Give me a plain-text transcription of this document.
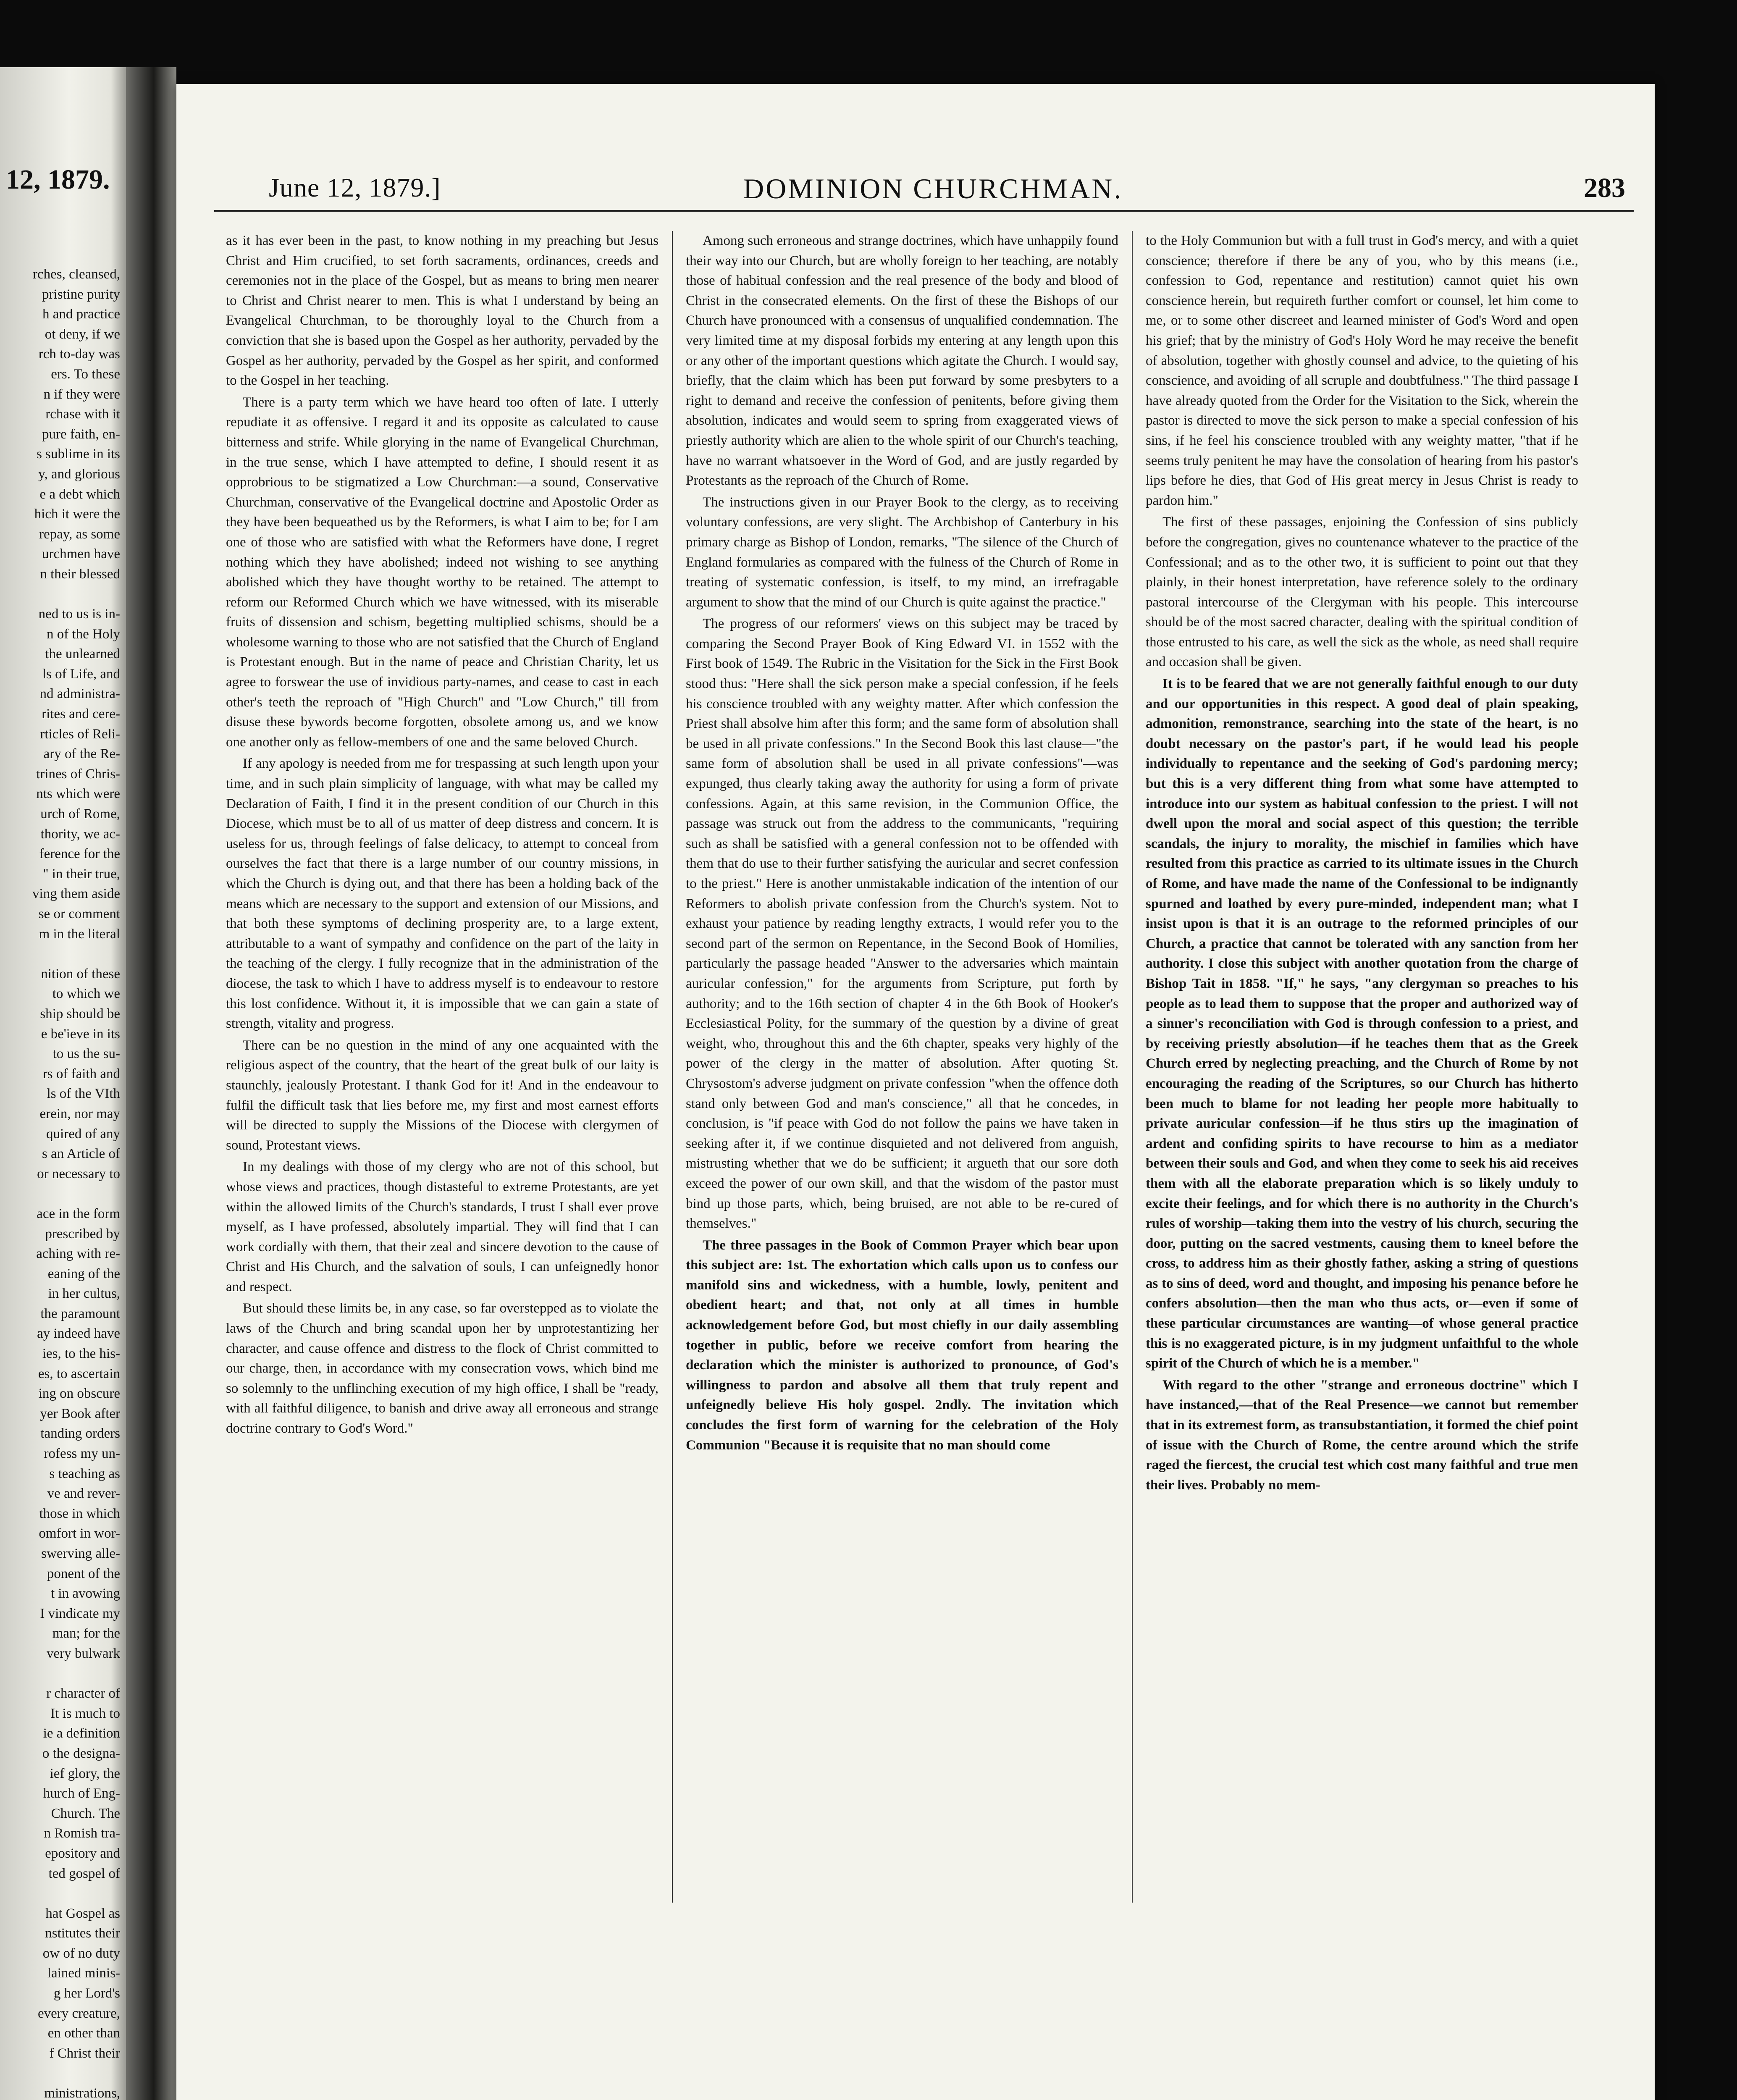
12, 1879.
rches, cleansed,
pristine purity
h and practice
ot deny, if we
rch to-day was
ers. To these
n if they were
rchase with it
pure faith, en-
s sublime in its
y, and glorious
e a debt which
hich it were the
repay, as some
urchmen have
n their blessed
ned to us is in-
n of the Holy
the unlearned
ls of Life, and
nd administra-
rites and cere-
rticles of Reli-
ary of the Re-
trines of Chris-
nts which were
urch of Rome,
thority, we ac-
ference for the
" in their true,
ving them aside
se or comment
m in the literal
nition of these
to which we
ship should be
e be'ieve in its
to us the su-
rs of faith and
ls of the VIth
erein, nor may
quired of any
s an Article of
or necessary to
ace in the form
prescribed by
aching with re-
eaning of the
in her cultus,
the paramount
ay indeed have
ies, to the his-
es, to ascertain
ing on obscure
yer Book after
tanding orders
rofess my un-
s teaching as
ve and rever-
those in which
omfort in wor-
swerving alle-
ponent of the
t in avowing
I vindicate my
man; for the
very bulwark
r character of
It is much to
ie a definition
o the designa-
ief glory, the
hurch of Eng-
Church. The
n Romish tra-
epository and
ted gospel of
hat Gospel as
nstitutes their
ow of no duty
lained minis-
g her Lord's
every creature,
en other than
f Christ their
ministrations,
June 12, 1879.]	DOMINION CHURCHMAN.	283

as it has ever been in the past, to know nothing in my preaching but Jesus Christ and Him crucified, to set forth sacraments, ordinances, creeds and ceremonies not in the place of the Gospel, but as means to bring men nearer to Christ and Christ nearer to men. This is what I understand by being an Evangelical Churchman, to be thoroughly loyal to the Church from a conviction that she is based upon the Gospel as her authority, pervaded by the Gospel as her authority, pervaded by the Gospel as her spirit, and conformed to the Gospel in her teaching.

There is a party term which we have heard too often of late. I utterly repudiate it as offensive. I regard it and its opposite as calculated to cause bitterness and strife. While glorying in the name of Evangelical Churchman, in the true sense, which I have attempted to define, I should resent it as opprobrious to be stigmatized a Low Churchman:—a sound, Conservative Churchman, conservative of the Evangelical doctrine and Apostolic Order as they have been bequeathed us by the Reformers, is what I aim to be; for I am one of those who are satisfied with what the Reformers have done, I regret nothing which they have abolished; indeed not wishing to see anything abolished which they have thought worthy to be retained. The attempt to reform our Reformed Church which we have witnessed, with its miserable fruits of dissension and schism, begetting multiplied schisms, should be a wholesome warning to those who are not satisfied that the Church of England is Protestant enough. But in the name of peace and Christian Charity, let us agree to forswear the use of invidious party-names, and cease to cast in each other's teeth the reproach of "High Church" and "Low Church," till from disuse these bywords become forgotten, obsolete among us, and we know one another only as fellow-members of one and the same beloved Church.

If any apology is needed from me for trespassing at such length upon your time, and in such plain simplicity of language, with what may be called my Declaration of Faith, I find it in the present condition of our Church in this Diocese, which must be to all of us matter of deep distress and concern. It is useless for us, through feelings of false delicacy, to attempt to conceal from ourselves the fact that there is a large number of our country missions, in which the Church is dying out, and that there has been a holding back of the means which are necessary to the support and extension of our Missions, and that both these symptoms of declining prosperity are, to a large extent, attributable to a want of sympathy and confidence on the part of the laity in the teaching of the clergy. I fully recognize that in the administration of the diocese, the task to which I have to address myself is to endeavour to restore this lost confidence. Without it, it is impossible that we can gain a state of strength, vitality and progress.

There can be no question in the mind of any one acquainted with the religious aspect of the country, that the heart of the great bulk of our laity is staunchly, jealously Protestant. I thank God for it! And in the endeavour to fulfil the difficult task that lies before me, my first and most earnest efforts will be directed to supply the Missions of the Diocese with clergymen of sound, Protestant views.

In my dealings with those of my clergy who are not of this school, but whose views and practices, though distasteful to extreme Protestants, are yet within the allowed limits of the Church's standards, I trust I shall ever prove myself, as I have professed, absolutely impartial. They will find that I can work cordially with them, that their zeal and sincere devotion to the cause of Christ and His Church, and the salvation of souls, I can unfeignedly honor and respect.

But should these limits be, in any case, so far overstepped as to violate the laws of the Church and bring scandal upon her by unprotestantizing her character, and cause offence and distress to the flock of Christ committed to our charge, then, in accordance with my consecration vows, which bind me so solemnly to the unflinching execution of my high office, I shall be "ready, with all faithful diligence, to banish and drive away all erroneous and strange doctrine contrary to God's Word."

Among such erroneous and strange doctrines, which have unhappily found their way into our Church, but are wholly foreign to her teaching, are notably those of habitual confession and the real presence of the body and blood of Christ in the consecrated elements. On the first of these the Bishops of our Church have pronounced with a consensus of unqualified condemnation. The very limited time at my disposal forbids my entering at any length upon this or any other of the important questions which agitate the Church. I would say, briefly, that the claim which has been put forward by some presbyters to a right to demand and receive the confession of penitents, before giving them absolution, indicates and would seem to spring from exaggerated views of priestly authority which are alien to the whole spirit of our Church's teaching, have no warrant whatsoever in the Word of God, and are justly regarded by Protestants as the reproach of the Church of Rome.

The instructions given in our Prayer Book to the clergy, as to receiving voluntary confessions, are very slight. The Archbishop of Canterbury in his primary charge as Bishop of London, remarks, "The silence of the Church of England formularies as compared with the fulness of the Church of Rome in treating of systematic confession, is itself, to my mind, an irrefragable argument to show that the mind of our Church is quite against the practice."

The progress of our reformers' views on this subject may be traced by comparing the Second Prayer Book of King Edward VI. in 1552 with the First book of 1549. The Rubric in the Visitation for the Sick in the First Book stood thus: "Here shall the sick person make a special confession, if he feels his conscience troubled with any weighty matter. After which confession the Priest shall absolve him after this form; and the same form of absolution shall be used in all private confessions." In the Second Book this last clause—"the same form of absolution shall be used in all private confessions"—was expunged, thus clearly taking away the authority for using a form of private confessions. Again, at this same revision, in the Communion Office, the passage was struck out from the address to the communicants, "requiring such as shall be satisfied with a general confession not to be offended with them that do use to their further satisfying the auricular and secret confession to the priest." Here is another unmistakable indication of the intention of our Reformers to abolish private confession from the Church's system. Not to exhaust your patience by reading lengthy extracts, I would refer you to the second part of the sermon on Repentance, in the Second Book of Homilies, particularly the passage headed "Answer to the adversaries which maintain auricular confession," for the arguments from Scripture, put forth by authority; and to the 16th section of chapter 4 in the 6th Book of Hooker's Ecclesiastical Polity, for the summary of the question by a divine of great weight, who, throughout this and the 6th chapter, speaks very highly of the power of the clergy in the matter of absolution. After quoting St. Chrysostom's adverse judgment on private confession "when the offence doth stand only between God and man's conscience," all that he concedes, in conclusion, is "if peace with God do not follow the pains we have taken in seeking after it, if we continue disquieted and not delivered from anguish, mistrusting whether that we do be sufficient; it argueth that our sore doth exceed the power of our own skill, and that the wisdom of the pastor must bind up those parts, which, being bruised, are not able to be re-cured of themselves."

The three passages in the Book of Common Prayer which bear upon this subject are: 1st. The exhortation which calls upon us to confess our manifold sins and wickedness, with a humble, lowly, penitent and obedient heart; and that, not only at all times in humble acknowledgement before God, but most chiefly in our daily assembling together in public, before we receive comfort from hearing the declaration which the minister is authorized to pronounce, of God's willingness to pardon and absolve all them that truly repent and unfeignedly believe His holy gospel. 2ndly. The invitation which concludes the first form of warning for the celebration of the Holy Communion "Because it is requisite that no man should come

to the Holy Communion but with a full trust in God's mercy, and with a quiet conscience; therefore if there be any of you, who by this means (i.e., confession to God, repentance and restitution) cannot quiet his own conscience herein, but requireth further comfort or counsel, let him come to me, or to some other discreet and learned minister of God's Word and open his grief; that by the ministry of God's Holy Word he may receive the benefit of absolution, together with ghostly counsel and advice, to the quieting of his conscience, and avoiding of all scruple and doubtfulness." The third passage I have already quoted from the Order for the Visitation to the Sick, wherein the pastor is directed to move the sick person to make a special confession of his sins, if he feel his conscience troubled with any weighty matter, "that if he seems truly penitent he may have the consolation of hearing from his pastor's lips before he dies, that God of His great mercy in Jesus Christ is ready to pardon him."

The first of these passages, enjoining the Confession of sins publicly before the congregation, gives no countenance whatever to the practice of the Confessional; and as to the other two, it is sufficient to point out that they plainly, in their honest interpretation, have reference solely to the ordinary pastoral intercourse of the Clergyman with his people. This intercourse should be of the most sacred character, dealing with the spiritual condition of those entrusted to his care, as well the sick as the whole, as need shall require and occasion shall be given.

It is to be feared that we are not generally faithful enough to our duty and our opportunities in this respect. A good deal of plain speaking, admonition, remonstrance, searching into the state of the heart, is no doubt necessary on the pastor's part, if he would lead his people individually to repentance and the seeking of God's pardoning mercy; but this is a very different thing from what some have attempted to introduce into our system as habitual confession to the priest. I will not dwell upon the moral and social aspect of this question; the terrible scandals, the injury to morality, the mischief in families which have resulted from this practice as carried to its ultimate issues in the Church of Rome, and have made the name of the Confessional to be indignantly spurned and loathed by every pure-minded, independent man; what I insist upon is that it is an outrage to the reformed principles of our Church, a practice that cannot be tolerated with any sanction from her authority. I close this subject with another quotation from the charge of Bishop Tait in 1858. "If," he says, "any clergyman so preaches to his people as to lead them to suppose that the proper and authorized way of a sinner's reconciliation with God is through confession to a priest, and by receiving priestly absolution—if he teaches them that as the Greek Church erred by neglecting preaching, and the Church of Rome by not encouraging the reading of the Scriptures, so our Church has hitherto been much to blame for not leading her people more habitually to private auricular confession—if he thus stirs up the imagination of ardent and confiding spirits to have recourse to him as a mediator between their souls and God, and when they come to seek his aid receives them with all the elaborate preparation which is so likely unduly to excite their feelings, and for which there is no authority in the Church's rules of worship—taking them into the vestry of his church, securing the door, putting on the sacred vestments, causing them to kneel before the cross, to address him as their ghostly father, asking a string of questions as to sins of deed, word and thought, and imposing his penance before he confers absolution—then the man who thus acts, or—even if some of these particular circumstances are wanting—of whose general practice this is no exaggerated picture, is in my judgment unfaithful to the whole spirit of the Church of which he is a member."

With regard to the other "strange and erroneous doctrine" which I have instanced,—that of the Real Presence—we cannot but remember that in its extremest form, as transubstantiation, it formed the chief point of issue with the Church of Rome, the centre around which the strife raged the fiercest, the crucial test which cost many faithful and true men their lives. Probably no mem-
